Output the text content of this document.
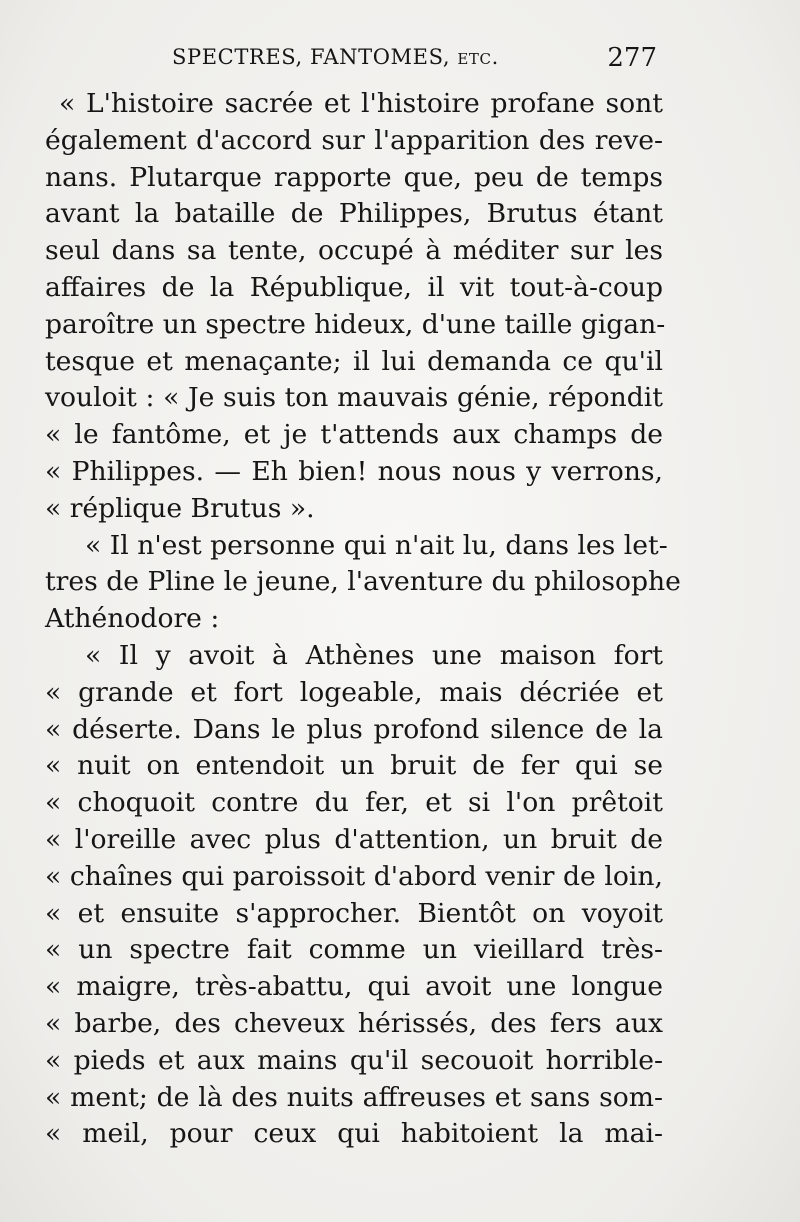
SPECTRES, FANTOMES, etc.	277
« L'histoire sacrée et l'histoire profane sont
également d'accord sur l'apparition des reve-
nans. Plutarque rapporte que, peu de temps
avant la bataille de Philippes, Brutus étant
seul dans sa tente, occupé à méditer sur les
affaires de la République, il vit tout-à-coup
paroître un spectre hideux, d'une taille gigan-
tesque et menaçante; il lui demanda ce qu'il
vouloit : « Je suis ton mauvais génie, répondit
« le fantôme, et je t'attends aux champs de
« Philippes. — Eh bien! nous nous y verrons,
« réplique Brutus ».
« Il n'est personne qui n'ait lu, dans les let-
tres de Pline le jeune, l'aventure du philosophe
Athénodore :
« Il y avoit à Athènes une maison fort
« grande et fort logeable, mais décriée et
« déserte. Dans le plus profond silence de la
« nuit on entendoit un bruit de fer qui se
« choquoit contre du fer, et si l'on prêtoit
« l'oreille avec plus d'attention, un bruit de
« chaînes qui paroissoit d'abord venir de loin,
« et ensuite s'approcher. Bientôt on voyoit
« un spectre fait comme un vieillard très-
« maigre, très-abattu, qui avoit une longue
« barbe, des cheveux hérissés, des fers aux
« pieds et aux mains qu'il secouoit horrible-
« ment; de là des nuits affreuses et sans som-
« meil, pour ceux qui habitoient la mai-
